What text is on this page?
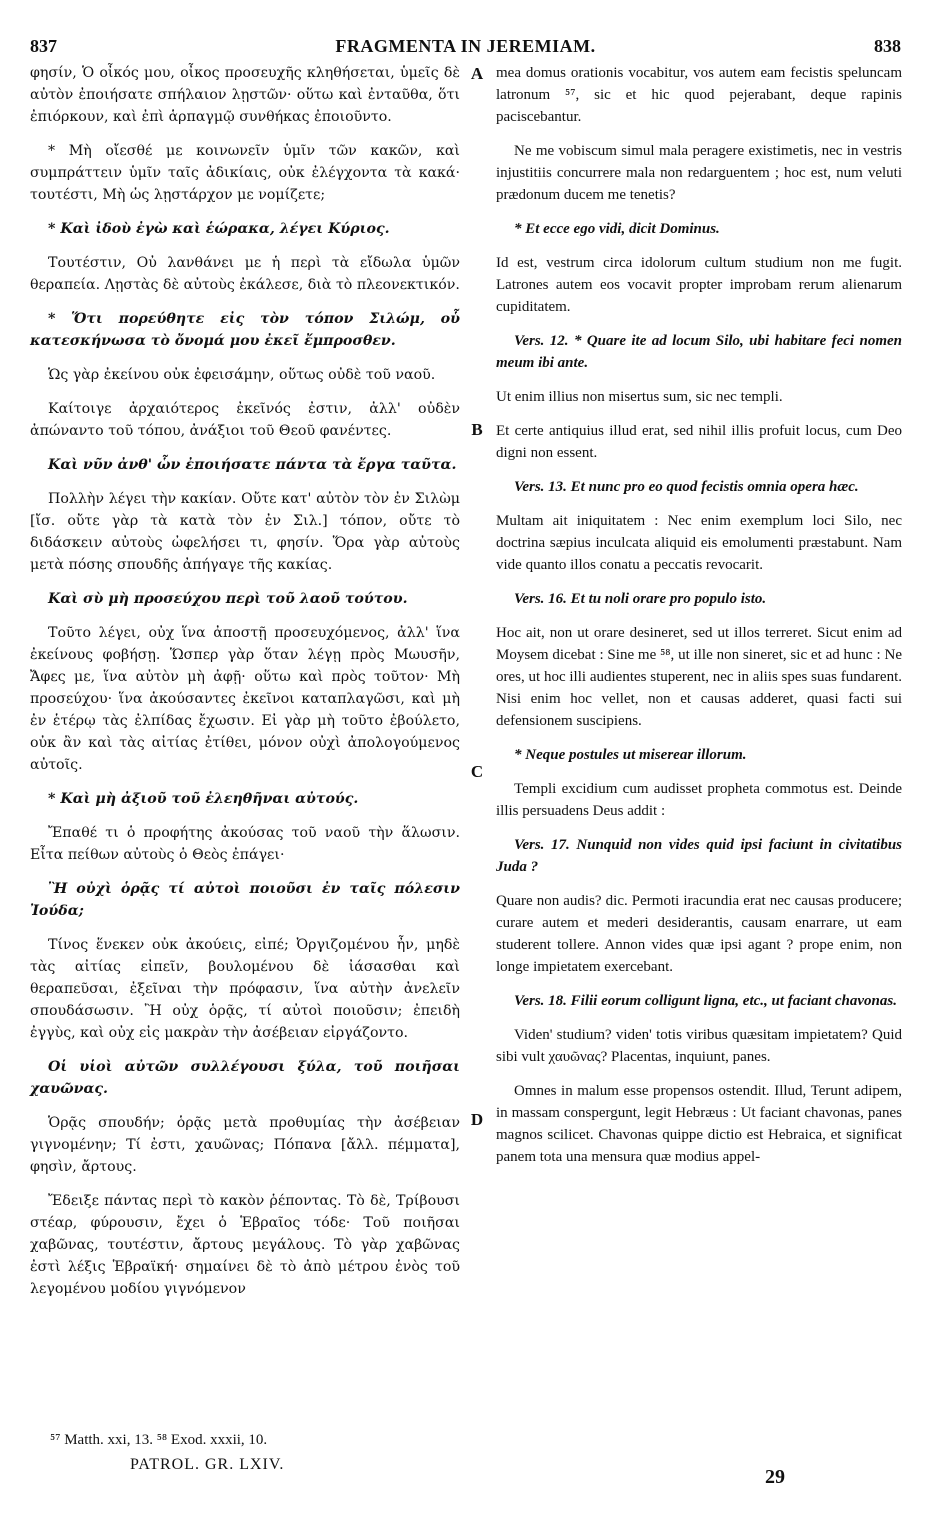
837	FRAGMENTA IN JEREMIAM.	838

φησίν, Ὁ οἶκός μου, οἶκος προσευχῆς κληθήσεται, ὑμεῖς δὲ αὐτὸν ἐποιήσατε σπήλαιον λῃστῶν· οὕτω καὶ ἐνταῦθα, ὅτι ἐπιόρκουν, καὶ ἐπὶ ἁρπαγμῷ συνθήκας ἐποιοῦντο.

* Μὴ οἴεσθέ με κοινωνεῖν ὑμῖν τῶν κακῶν, καὶ συμπράττειν ὑμῖν ταῖς ἀδικίαις, οὐκ ἐλέγχοντα τὰ κακά· τουτέστι, Μὴ ὡς λῃστάρχον με νομίζετε;

* Καὶ ἰδοὺ ἐγὼ καὶ ἑώρακα, λέγει Κύριος.

Τουτέστιν, Οὐ λανθάνει με ἡ περὶ τὰ εἴδωλα ὑμῶν θεραπεία. Λῃστὰς δὲ αὐτοὺς ἐκάλεσε, διὰ τὸ πλεονεκτικόν.

* Ὅτι πορεύθητε εἰς τὸν τόπον Σιλώμ, οὗ κατεσκήνωσα τὸ ὄνομά μου ἐκεῖ ἔμπροσθεν.

Ὡς γὰρ ἐκείνου οὐκ ἐφεισάμην, οὕτως οὐδὲ τοῦ ναοῦ.

Καίτοιγε ἀρχαιότερος ἐκεῖνός ἐστιν, ἀλλ' οὐδὲν ἀπώναντο τοῦ τόπου, ἀνάξιοι τοῦ Θεοῦ φανέντες.

Καὶ νῦν ἀνθ' ὧν ἐποιήσατε πάντα τὰ ἔργα ταῦτα.

Πολλὴν λέγει τὴν κακίαν. Οὔτε κατ' αὐτὸν τὸν ἐν Σιλὼμ [ἴσ. οὔτε γὰρ τὰ κατὰ τὸν ἐν Σιλ.] τόπον, οὔτε τὸ διδάσκειν αὐτοὺς ὠφελήσει τι, φησίν. Ὅρα γὰρ αὐτοὺς μετὰ πόσης σπουδῆς ἀπήγαγε τῆς κακίας.

Καὶ σὺ μὴ προσεύχου περὶ τοῦ λαοῦ τούτου.

Τοῦτο λέγει, οὐχ ἵνα ἀποστῇ προσευχόμενος, ἀλλ' ἵνα ἐκείνους φοβήσῃ. Ὥσπερ γὰρ ὅταν λέγῃ πρὸς Μωυσῆν, Ἄφες με, ἵνα αὐτὸν μὴ ἀφῇ· οὕτω καὶ πρὸς τοῦτον· Μὴ προσεύχου· ἵνα ἀκούσαντες ἐκεῖνοι καταπλαγῶσι, καὶ μὴ ἐν ἑτέρῳ τὰς ἐλπίδας ἔχωσιν. Εἰ γὰρ μὴ τοῦτο ἐβούλετο, οὐκ ἂν καὶ τὰς αἰτίας ἐτίθει, μόνον οὐχὶ ἀπολογούμενος αὐτοῖς.

* Καὶ μὴ ἀξιοῦ τοῦ ἐλεηθῆναι αὐτούς.

Ἔπαθέ τι ὁ προφήτης ἀκούσας τοῦ ναοῦ τὴν ἅλωσιν. Εἶτα πείθων αὐτοὺς ὁ Θεὸς ἐπάγει·

Ἢ οὐχὶ ὁρᾷς τί αὐτοὶ ποιοῦσι ἐν ταῖς πόλεσιν Ἰούδα;

Τίνος ἕνεκεν οὐκ ἀκούεις, εἰπέ; Ὀργιζομένου ἦν, μηδὲ τὰς αἰτίας εἰπεῖν, βουλομένου δὲ ἰάσασθαι καὶ θεραπεῦσαι, ἐξεῖναι τὴν πρόφασιν, ἵνα αὐτὴν ἀνελεῖν σπουδάσωσιν. Ἢ οὐχ ὁρᾷς, τί αὐτοὶ ποιοῦσιν; ἐπειδὴ ἐγγὺς, καὶ οὐχ εἰς μακρὰν τὴν ἀσέβειαν εἰργάζοντο.

Οἱ υἱοὶ αὐτῶν συλλέγουσι ξύλα, τοῦ ποιῆσαι χαυῶνας.

Ὁρᾷς σπουδήν; ὁρᾷς μετὰ προθυμίας τὴν ἀσέβειαν γιγνομένην; Τί ἐστι, χαυῶνας; Πόπανα [ἄλλ. πέμματα], φησὶν, ἄρτους.

Ἔδειξε πάντας περὶ τὸ κακὸν ῥέποντας. Τὸ δὲ, Τρίβουσι στέαρ, φύρουσιν, ἔχει ὁ Ἑβραῖος τόδε· Τοῦ ποιῆσαι χαβῶνας, τουτέστιν, ἄρτους μεγάλους. Τὸ γὰρ χαβῶνας ἐστὶ λέξις Ἑβραϊκή· σημαίνει δὲ τὸ ἀπὸ μέτρου ἑνὸς τοῦ λεγομένου μοδίου γιγνόμενον

A
B
C
D

mea domus orationis vocabitur, vos autem eam fecistis speluncam latronum ⁵⁷, sic et hic quod pejerabant, deque rapinis paciscebantur.

Ne me vobiscum simul mala peragere existimetis, nec in vestris injustitiis concurrere mala non redarguentem ; hoc est, num veluti prædonum ducem me tenetis?

* Et ecce ego vidi, dicit Dominus.

Id est, vestrum circa idolorum cultum studium non me fugit. Latrones autem eos vocavit propter improbam rerum alienarum cupiditatem.

Vers. 12. * Quare ite ad locum Silo, ubi habitare feci nomen meum ibi ante.

Ut enim illius non misertus sum, sic nec templi.

Et certe antiquius illud erat, sed nihil illis profuit locus, cum Deo digni non essent.

Vers. 13. Et nunc pro eo quod fecistis omnia opera hæc.

Multam ait iniquitatem : Nec enim exemplum loci Silo, nec doctrina sæpius inculcata aliquid eis emolumenti præstabunt. Nam vide quanto illos conatu a peccatis revocarit.

Vers. 16. Et tu noli orare pro populo isto.

Hoc ait, non ut orare desineret, sed ut illos terreret. Sicut enim ad Moysem dicebat : Sine me ⁵⁸, ut ille non sineret, sic et ad hunc : Ne ores, ut hoc illi audientes stuperent, nec in aliis spes suas fundarent. Nisi enim hoc vellet, non et causas adderet, quasi facti sui defensionem suscipiens.

* Neque postules ut miserear illorum.

Templi excidium cum audisset propheta commotus est. Deinde illis persuadens Deus addit :

Vers. 17. Nunquid non vides quid ipsi faciunt in civitatibus Juda ?

Quare non audis? dic. Permoti iracundia erat nec causas producere; curare autem et mederi desiderantis, causam enarrare, ut eam studerent tollere. Annon vides quæ ipsi agant ? prope enim, non longe impietatem exercebant.

Vers. 18. Filii eorum colligunt ligna, etc., ut faciant chavonas.

Viden' studium? viden' totis viribus quæsitam impietatem? Quid sibi vult χαυῶνας? Placentas, inquiunt, panes.

Omnes in malum esse propensos ostendit. Illud, Terunt adipem, in massam conspergunt, legit Hebræus : Ut faciant chavonas, panes magnos scilicet. Chavonas quippe dictio est Hebraica, et significat panem tota una mensura quæ modius appel-

⁵⁷ Matth. xxi, 13. ⁵⁸ Exod. xxxii, 10.
PATROL. GR. LXIV.
29
